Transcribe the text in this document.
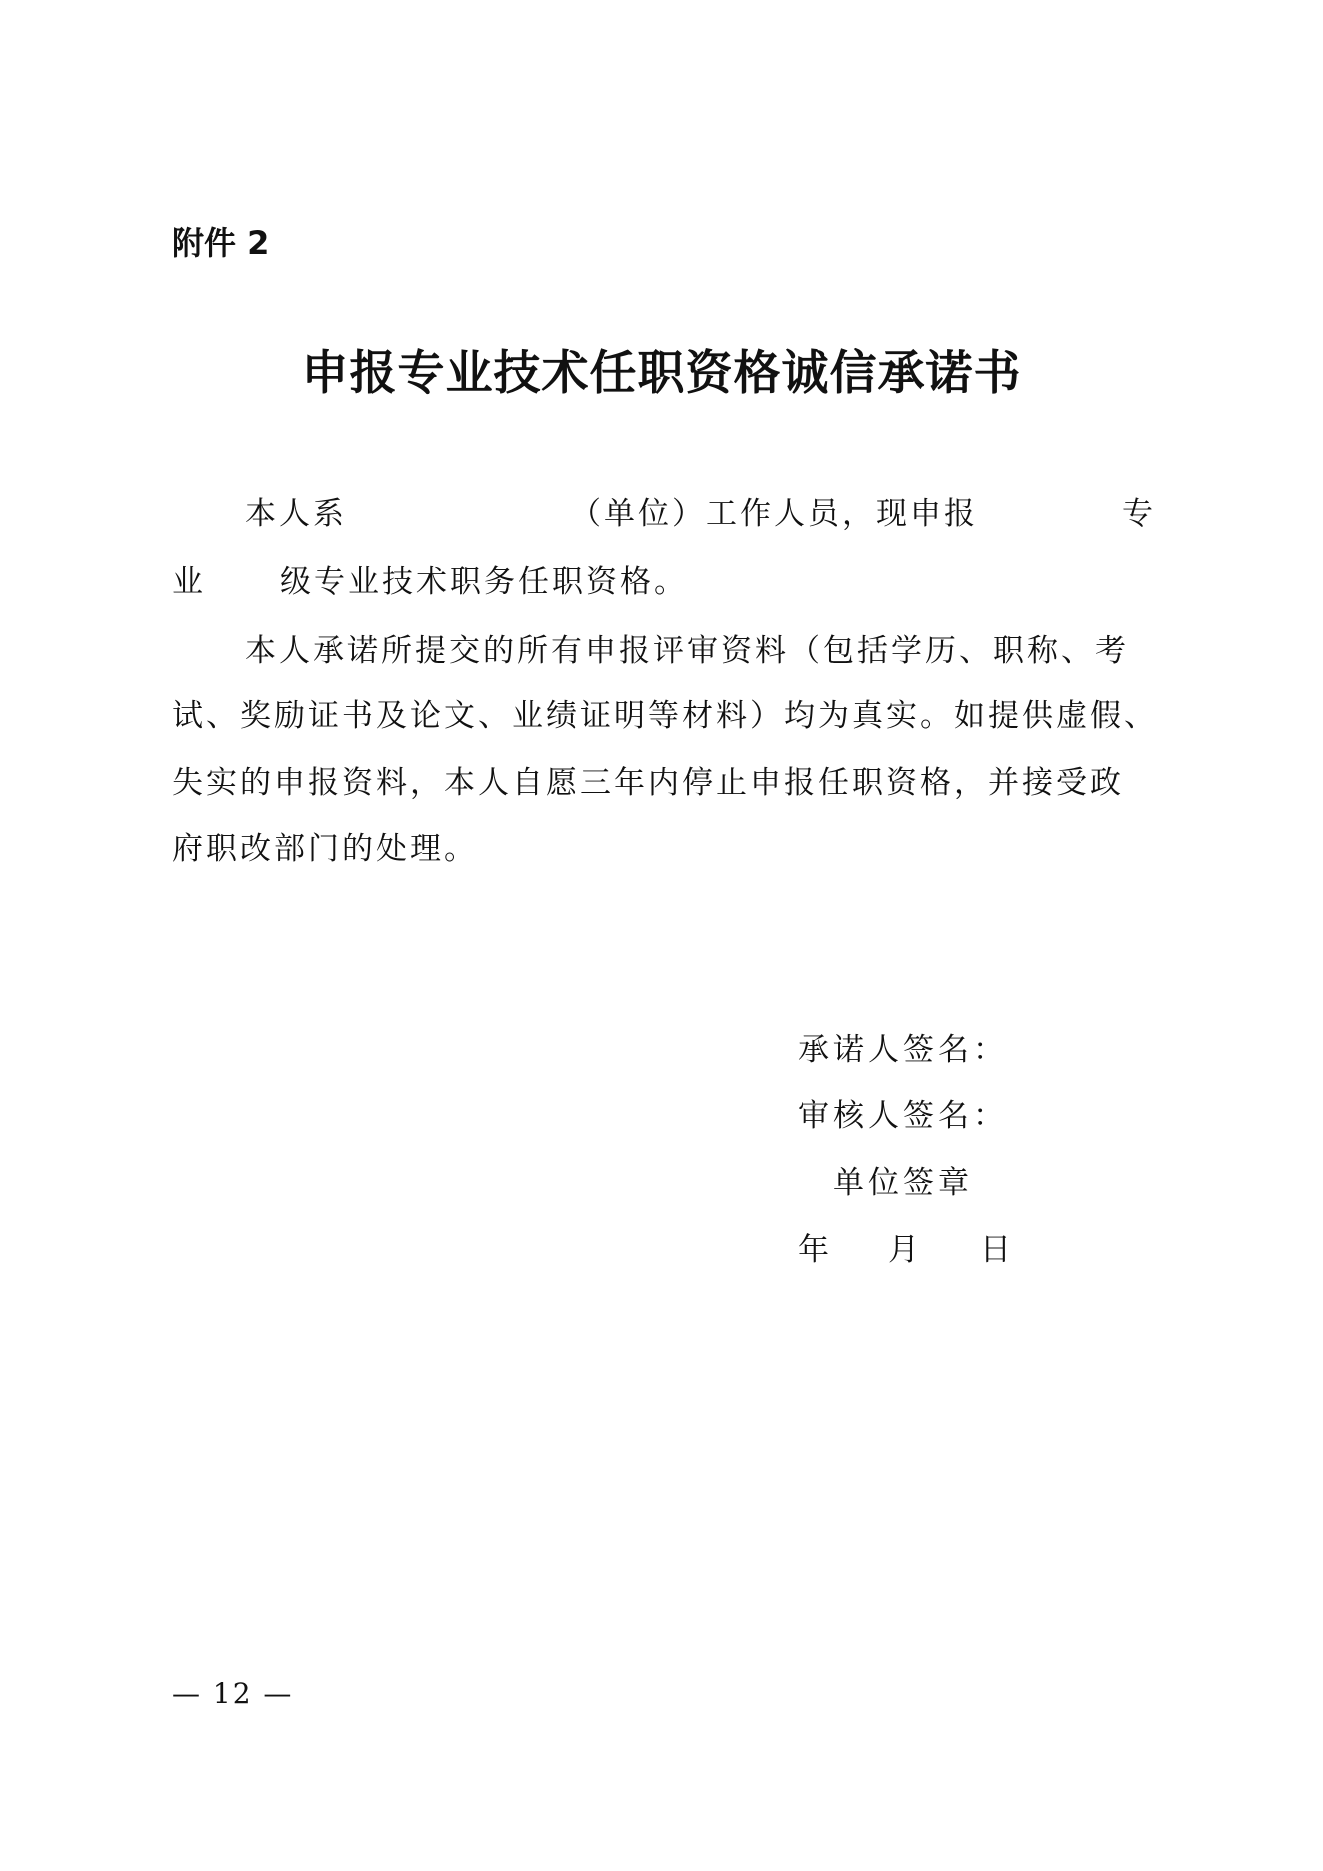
附件 2
申报专业技术任职资格诚信承诺书
本人系	（单位）工作人员，现申报	专
业 级专业技术职务任职资格。
本人承诺所提交的所有申报评审资料（包括学历、职称、考
试、奖励证书及论文、业绩证明等材料）均为真实。如提供虚假、
失实的申报资料，本人自愿三年内停止申报任职资格，并接受政
府职改部门的处理。
承诺人签名：
审核人签名：
单位签章
年 月 日
— 12 —
